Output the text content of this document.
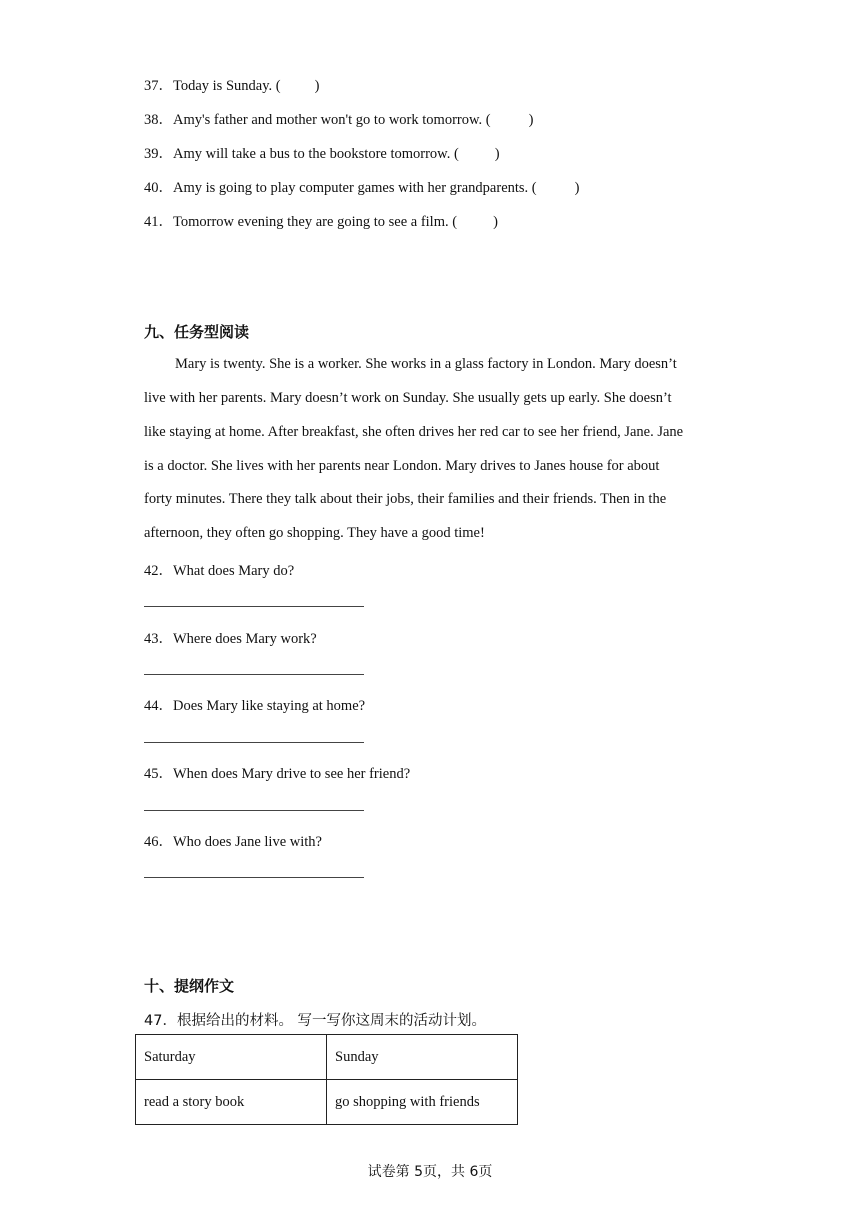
37．Today is Sunday. ( )
38．Amy's father and mother won't go to work tomorrow. (	)
39．Amy will take a bus to the bookstore tomorrow. ( )
40．Amy is going to play computer games with her grandparents. (	)
41．Tomorrow evening they are going to see a film. ( )
九、任务型阅读
Mary is twenty. She is a worker. She works in a glass factory in London. Mary doesn’t
live with her parents. Mary doesn’t work on Sunday. She usually gets up early. She doesn’t
like staying at home. After breakfast, she often drives her red car to see her friend, Jane. Jane
is a doctor. She lives with her parents near London. Mary drives to Janes house for about
forty minutes. There they talk about their jobs, their families and their friends. Then in the
afternoon, they often go shopping. They have a good time!
42．What does Mary do?
43．Where does Mary work?
44．Does Mary like staying at home?
45．When does Mary drive to see her friend?
46．Who does Jane live with?
十、提纲作文
47．根据给出的材料。 写一写你这周末的活动计划。
Saturday	Sunday
read a story book	go shopping with friends
试卷第 5页，共 6页
